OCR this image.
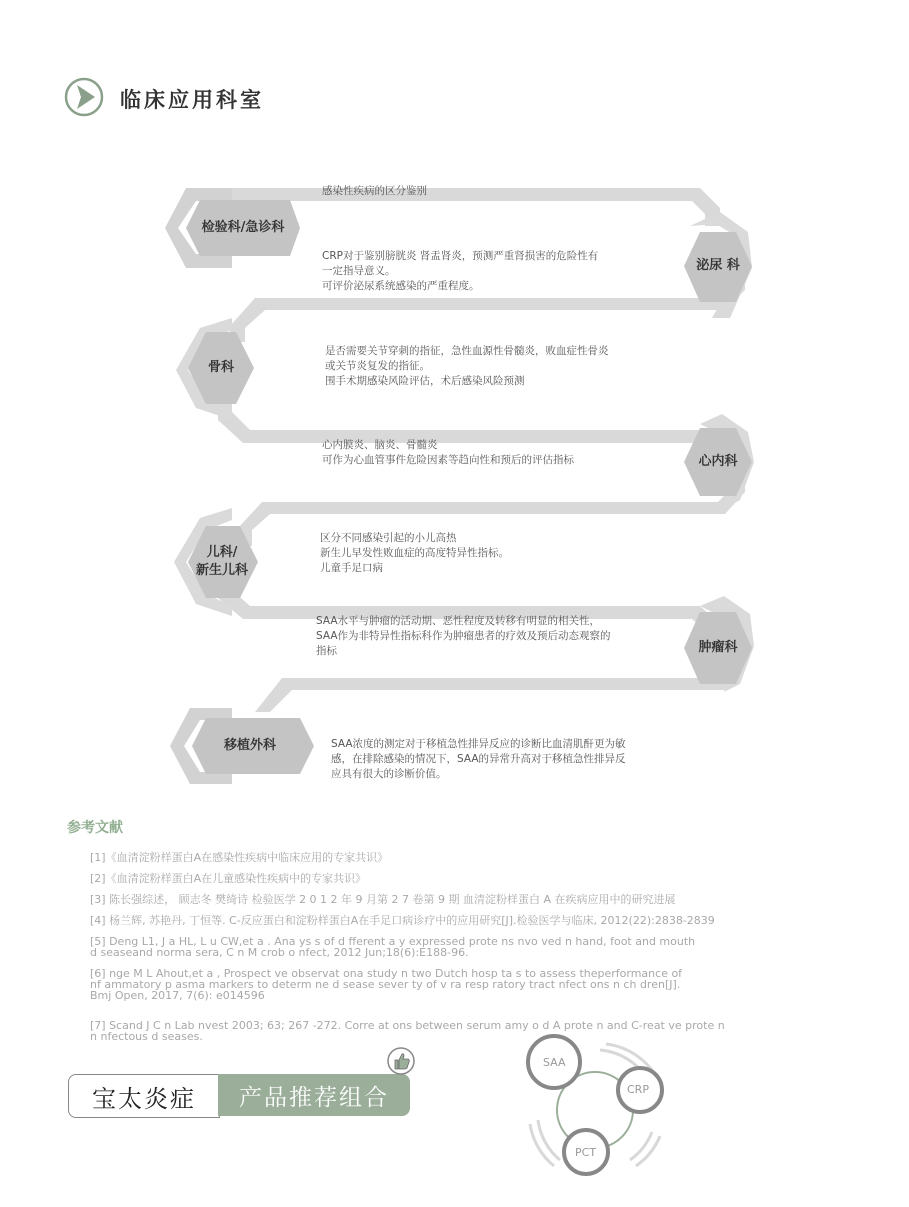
临床应用科室
检验科/急诊科
泌尿 科
骨科
心内科
儿科/
新生儿科
肿瘤科
移植外科
感染性疾病的区分鉴别
CRP对于鉴别膀胱炎 肾盂肾炎，预测严重肾损害的危险性有
一定指导意义。
可评价泌尿系统感染的严重程度。
是否需要关节穿刺的指征，急性血源性骨髓炎，败血症性骨炎
或关节炎复发的指征。
围手术期感染风险评估，术后感染风险预测
心内膜炎、脑炎、骨髓炎
可作为心血管事件危险因素等趋向性和预后的评估指标
区分不同感染引起的小儿高热
新生儿早发性败血症的高度特异性指标。
儿童手足口病
SAA水平与肿瘤的活动期、恶性程度及转移有明显的相关性，
SAA作为非特异性指标科作为肿瘤患者的疗效及预后动态观察的
指标
SAA浓度的测定对于移植急性排异反应的诊断比血清肌酐更为敏
感，在排除感染的情况下，SAA的异常升高对于移植急性排异反
应具有很大的诊断价值。
参考文献
[1]《血清淀粉样蛋白A在感染性疾病中临床应用的专家共识》
[2]《血清淀粉样蛋白A在儿童感染性疾病中的专家共识》
[3] 陈长强综述， 顾志冬 樊绮诗 检验医学 2 0 1 2 年 9 月第 2 7 卷第 9 期 血清淀粉样蛋白 A 在疾病应用中的研究进展
[4] 杨兰辉, 苏艳丹, 丁恒等. C-反应蛋白和淀粉样蛋白A在手足口病诊疗中的应用研究[J].检验医学与临床, 2012(22):2838-2839
[5] Deng L1, J a HL, L u CW,et a . Ana ys s of d fferent a y expressed prote ns nvo ved n hand, foot and mouth
d seaseand norma sera, C n M crob o nfect, 2012 Jun;18(6):E188-96.
[6] nge M L Ahout,et a , Prospect ve observat ona study n two Dutch hosp ta s to assess theperformance of
nf ammatory p asma markers to determ ne d sease sever ty of v ra resp ratory tract nfect ons n ch dren[J].
Bmj Open, 2017, 7(6): e014596
[7] Scand J C n Lab nvest 2003; 63; 267 -272. Corre at ons between serum amy o d A prote n and C-reat ve prote n
n nfectous d seases.
宝太炎症	产品推荐组合
SAA
CRP
PCT
